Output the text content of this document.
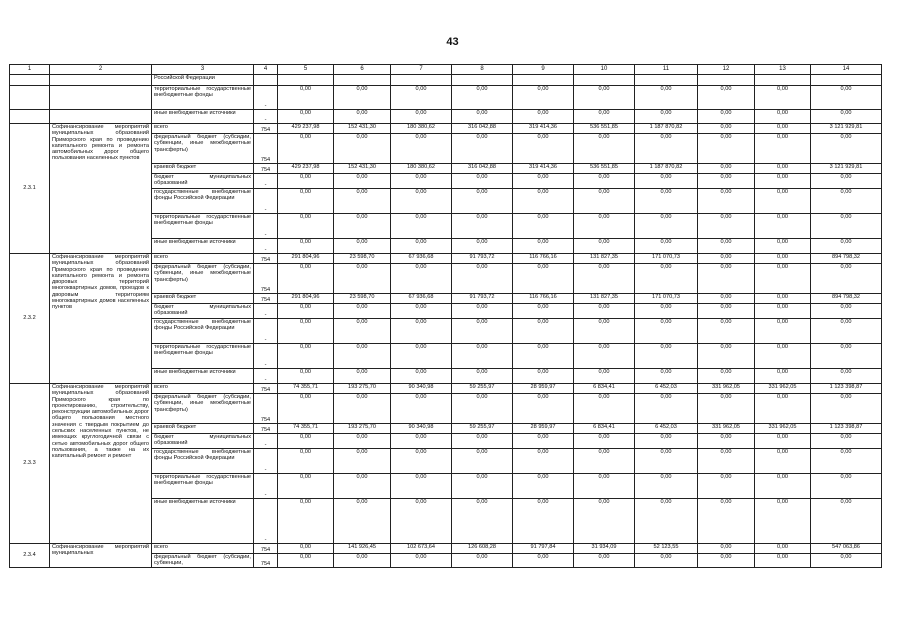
43
1	2	3	4	5	6	7	8	9	10	11	12	13	14
		Российской Федерации											
		территориальные государственные внебюджетные фонды	-	0,00	0,00	0,00	0,00	0,00	0,00	0,00	0,00	0,00	0,00
		иные внебюджетные источники	-	0,00	0,00	0,00	0,00	0,00	0,00	0,00	0,00	0,00	0,00
2.3.1	Софинансирование мероприятий муниципальных образований Приморского края по проведению капитального ремонта и ремонта автомобильных дорог общего пользования населенных пунктов	всего	754	429 237,98	152 431,30	180 380,62	316 042,88	319 414,36	536 551,85	1 187 870,82	0,00	0,00	3 121 929,81
		федеральный бюджет (субсидии, субвенции, иные межбюджетные трансферты)	754	0,00	0,00	0,00	0,00	0,00	0,00	0,00	0,00	0,00	0,00
		краевой бюджет	754	429 237,98	152 431,30	180 380,62	316 042,88	319 414,36	536 551,85	1 187 870,82	0,00	0,00	3 121 929,81
		бюджет муниципальных образований	-	0,00	0,00	0,00	0,00	0,00	0,00	0,00	0,00	0,00	0,00
		государственные внебюджетные фонды Российской Федерации	-	0,00	0,00	0,00	0,00	0,00	0,00	0,00	0,00	0,00	0,00
		территориальные государственные внебюджетные фонды	-	0,00	0,00	0,00	0,00	0,00	0,00	0,00	0,00	0,00	0,00
		иные внебюджетные источники	-	0,00	0,00	0,00	0,00	0,00	0,00	0,00	0,00	0,00	0,00
2.3.2	Софинансирование мероприятий муниципальных образований Приморского края по проведению капитального ремонта и ремонта дворовых территорий многоквартирных домов, проездов к дворовым территориям многоквартирных домов населенных пунктов	всего	754	291 804,96	23 598,70	67 936,68	91 793,72	116 766,16	131 827,35	171 070,73	0,00	0,00	894 798,32
		федеральный бюджет (субсидии, субвенции, иные межбюджетные трансферты)	754	0,00	0,00	0,00	0,00	0,00	0,00	0,00	0,00	0,00	0,00
		краевой бюджет	754	291 804,96	23 598,70	67 936,68	91 793,72	116 766,16	131 827,35	171 070,73	0,00	0,00	894 798,32
		бюджет муниципальных образований	-	0,00	0,00	0,00	0,00	0,00	0,00	0,00	0,00	0,00	0,00
		государственные внебюджетные фонды Российской Федерации	-	0,00	0,00	0,00	0,00	0,00	0,00	0,00	0,00	0,00	0,00
		территориальные государственные внебюджетные фонды	-	0,00	0,00	0,00	0,00	0,00	0,00	0,00	0,00	0,00	0,00
		иные внебюджетные источники	-	0,00	0,00	0,00	0,00	0,00	0,00	0,00	0,00	0,00	0,00
2.3.3	Софинансирование мероприятий муниципальных образований Приморского края по проектированию, строительству, реконструкции автомобильных дорог общего пользования местного значения с твердым покрытием до сельских населенных пунктов, не имеющих круглогодичной связи с сетью автомобильных дорог общего пользования, а также на их капитальный ремонт и ремонт	всего	754	74 355,71	193 275,70	90 340,98	59 255,97	28 959,97	6 834,41	6 452,03	331 962,05	331 962,05	1 123 398,87
		федеральный бюджет (субсидии, субвенции, иные межбюджетные трансферты)	754	0,00	0,00	0,00	0,00	0,00	0,00	0,00	0,00	0,00	0,00
		краевой бюджет	754	74 355,71	193 275,70	90 340,98	59 255,97	28 959,97	6 834,41	6 452,03	331 962,05	331 962,05	1 123 398,87
		бюджет муниципальных образований	-	0,00	0,00	0,00	0,00	0,00	0,00	0,00	0,00	0,00	0,00
		государственные внебюджетные фонды Российской Федерации	-	0,00	0,00	0,00	0,00	0,00	0,00	0,00	0,00	0,00	0,00
		территориальные государственные внебюджетные фонды	-	0,00	0,00	0,00	0,00	0,00	0,00	0,00	0,00	0,00	0,00
		иные внебюджетные источники	-	0,00	0,00	0,00	0,00	0,00	0,00	0,00	0,00	0,00	0,00
2.3.4	Софинансирование мероприятий муниципальных	всего	754	0,00	141 926,45	102 673,64	126 608,28	91 797,84	31 934,09	52 123,55	0,00	0,00	547 063,86
		федеральный бюджет (субсидии, субвенции,	754	0,00	0,00	0,00	0,00	0,00	0,00	0,00	0,00	0,00	0,00
